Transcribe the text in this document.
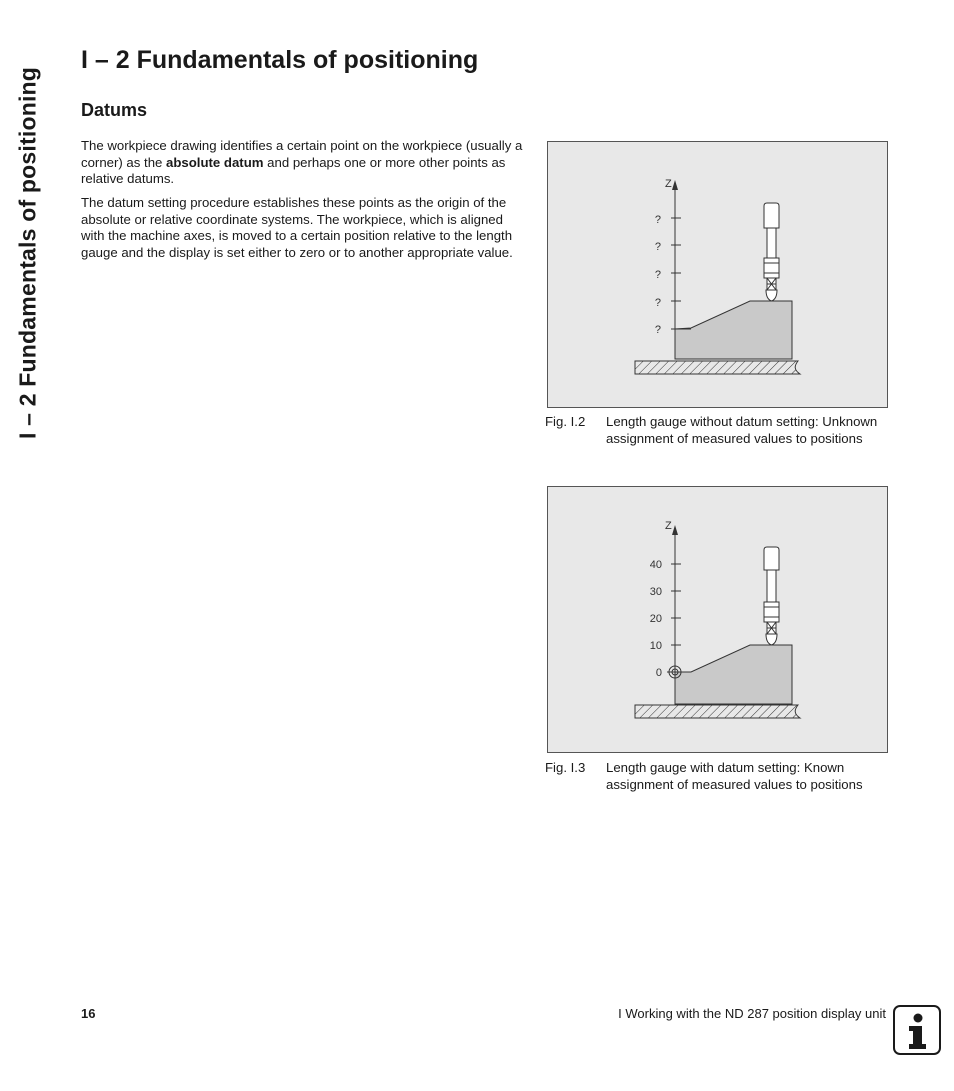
I – 2 Fundamentals of positioning
I – 2 Fundamentals of positioning
Datums

The workpiece drawing identifies a certain point on the workpiece (usually a corner) as the absolute datum and perhaps one or more other points as relative datums.

The datum setting procedure establishes these points as the origin of the absolute or relative coordinate systems. The workpiece, which is aligned with the machine axes, is moved to a certain position relative to the length gauge and the display is set either to zero or to another appropriate value.

Z
?
?
?
?
?
Fig. I.2 Length gauge without datum setting: Unknown assignment of measured values to positions
Z
40
30
20
10
0
Fig. I.3 Length gauge with datum setting: Known assignment of measured values to positions
16	I Working with the ND 287 position display unit
